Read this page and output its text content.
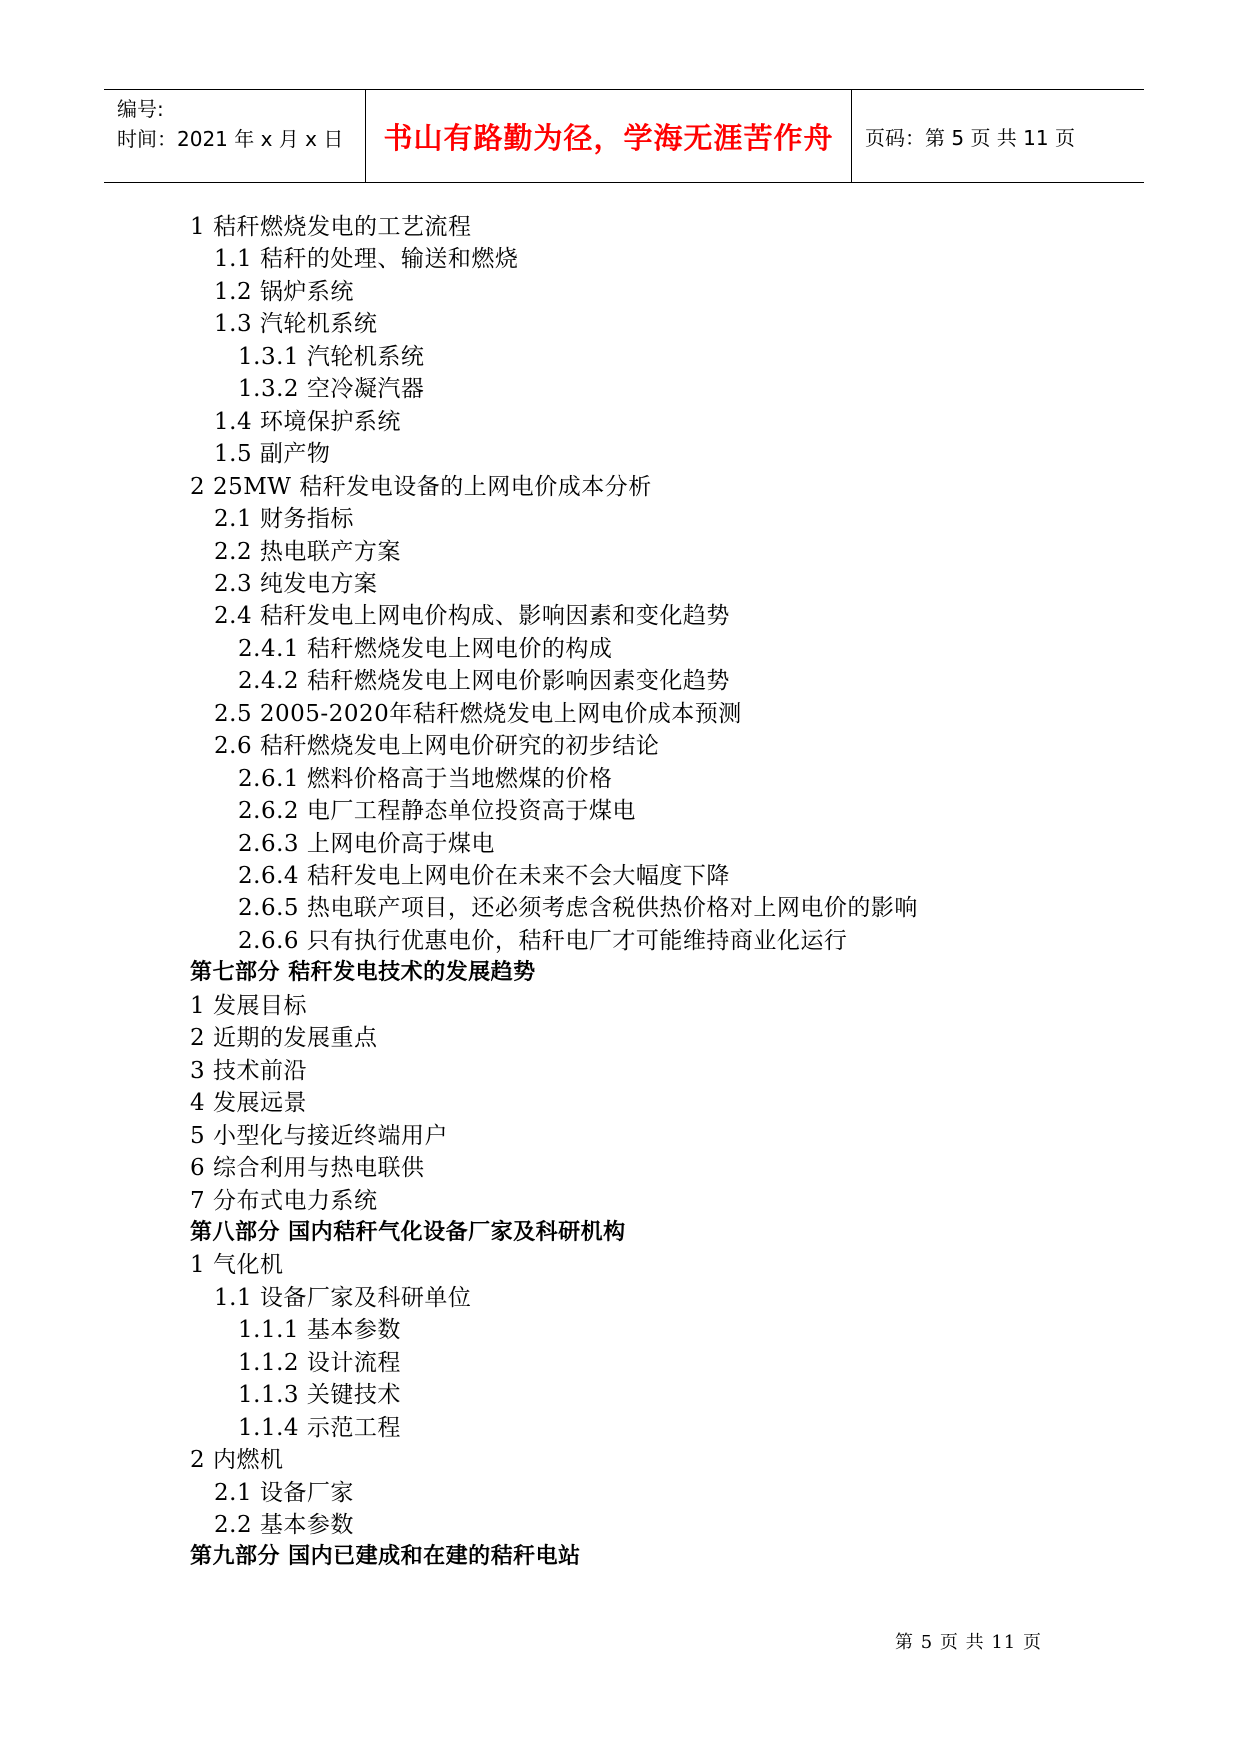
编号:
时间：2021 年 x 月 x 日	书山有路勤为径，学海无涯苦作舟	页码：第 5 页 共 11 页
1 秸秆燃烧发电的工艺流程
1.1 秸秆的处理、输送和燃烧
1.2 锅炉系统
1.3 汽轮机系统
1.3.1 汽轮机系统
1.3.2 空冷凝汽器
1.4 环境保护系统
1.5 副产物
2 25MW 秸秆发电设备的上网电价成本分析
2.1 财务指标
2.2 热电联产方案
2.3 纯发电方案
2.4 秸秆发电上网电价构成、影响因素和变化趋势
2.4.1 秸秆燃烧发电上网电价的构成
2.4.2 秸秆燃烧发电上网电价影响因素变化趋势
2.5 2005-2020年秸秆燃烧发电上网电价成本预测
2.6 秸秆燃烧发电上网电价研究的初步结论
2.6.1 燃料价格高于当地燃煤的价格
2.6.2 电厂工程静态单位投资高于煤电
2.6.3 上网电价高于煤电
2.6.4 秸秆发电上网电价在未来不会大幅度下降
2.6.5 热电联产项目，还必须考虑含税供热价格对上网电价的影响
2.6.6 只有执行优惠电价，秸秆电厂才可能维持商业化运行
第七部分 秸秆发电技术的发展趋势
1 发展目标
2 近期的发展重点
3 技术前沿
4 发展远景
5 小型化与接近终端用户
6 综合利用与热电联供
7 分布式电力系统
第八部分 国内秸秆气化设备厂家及科研机构
1 气化机
1.1 设备厂家及科研单位
1.1.1 基本参数
1.1.2 设计流程
1.1.3 关键技术
1.1.4 示范工程
2 内燃机
2.1 设备厂家
2.2 基本参数
第九部分 国内已建成和在建的秸秆电站
第 5 页 共 11 页
